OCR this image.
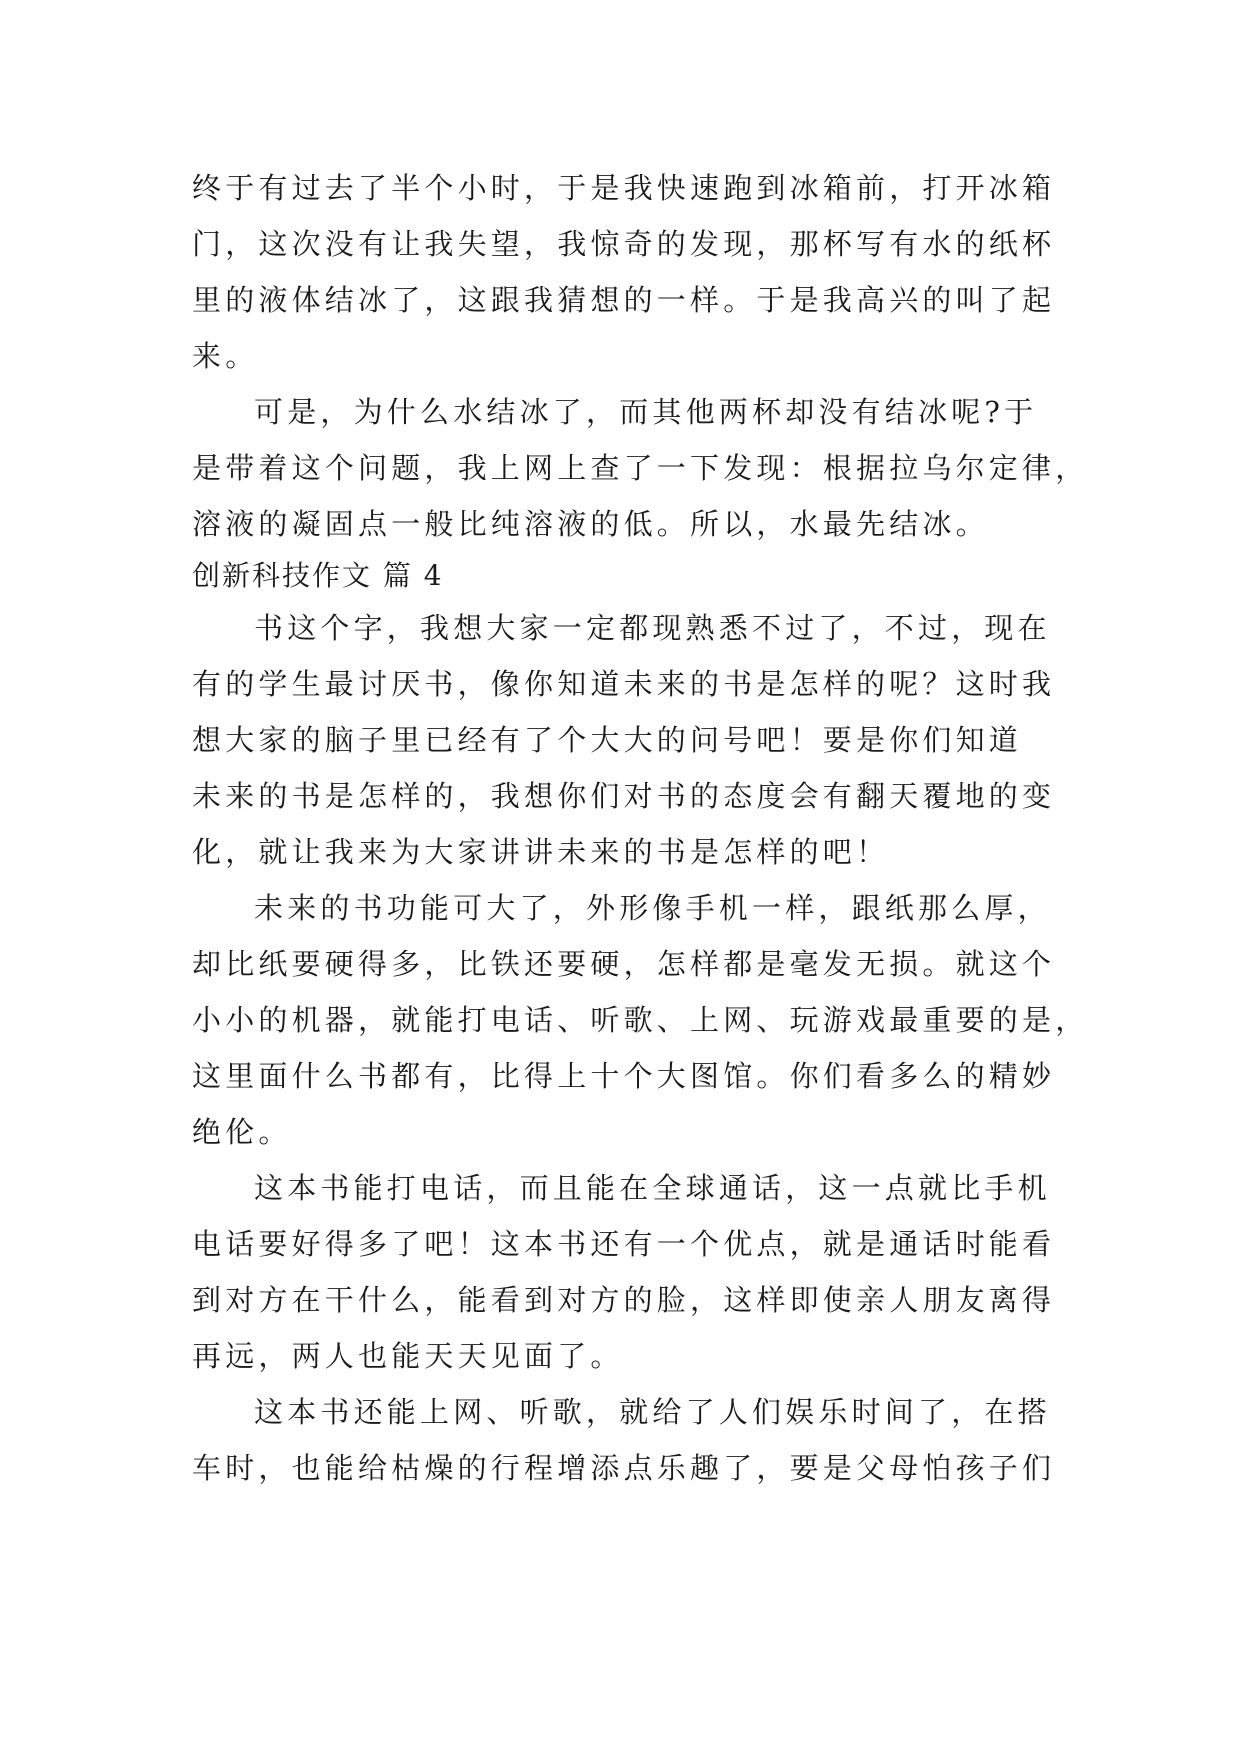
终于有过去了半个小时，于是我快速跑到冰箱前，打开冰箱
门，这次没有让我失望，我惊奇的发现，那杯写有水的纸杯
里的液体结冰了，这跟我猜想的一样。于是我高兴的叫了起
来。
可是，为什么水结冰了，而其他两杯却没有结冰呢?于
是带着这个问题，我上网上查了一下发现：根据拉乌尔定律，
溶液的凝固点一般比纯溶液的低。所以，水最先结冰。
创新科技作文 篇 4
书这个字，我想大家一定都现熟悉不过了，不过，现在
有的学生最讨厌书，像你知道未来的书是怎样的呢？这时我
想大家的脑子里已经有了个大大的问号吧！要是你们知道
未来的书是怎样的，我想你们对书的态度会有翻天覆地的变
化，就让我来为大家讲讲未来的书是怎样的吧！
未来的书功能可大了，外形像手机一样，跟纸那么厚，
却比纸要硬得多，比铁还要硬，怎样都是毫发无损。就这个
小小的机器，就能打电话、听歌、上网、玩游戏最重要的是，
这里面什么书都有，比得上十个大图馆。你们看多么的精妙
绝伦。
这本书能打电话，而且能在全球通话，这一点就比手机
电话要好得多了吧！这本书还有一个优点，就是通话时能看
到对方在干什么，能看到对方的脸，这样即使亲人朋友离得
再远，两人也能天天见面了。
这本书还能上网、听歌，就给了人们娱乐时间了，在搭
车时，也能给枯燥的行程增添点乐趣了，要是父母怕孩子们
